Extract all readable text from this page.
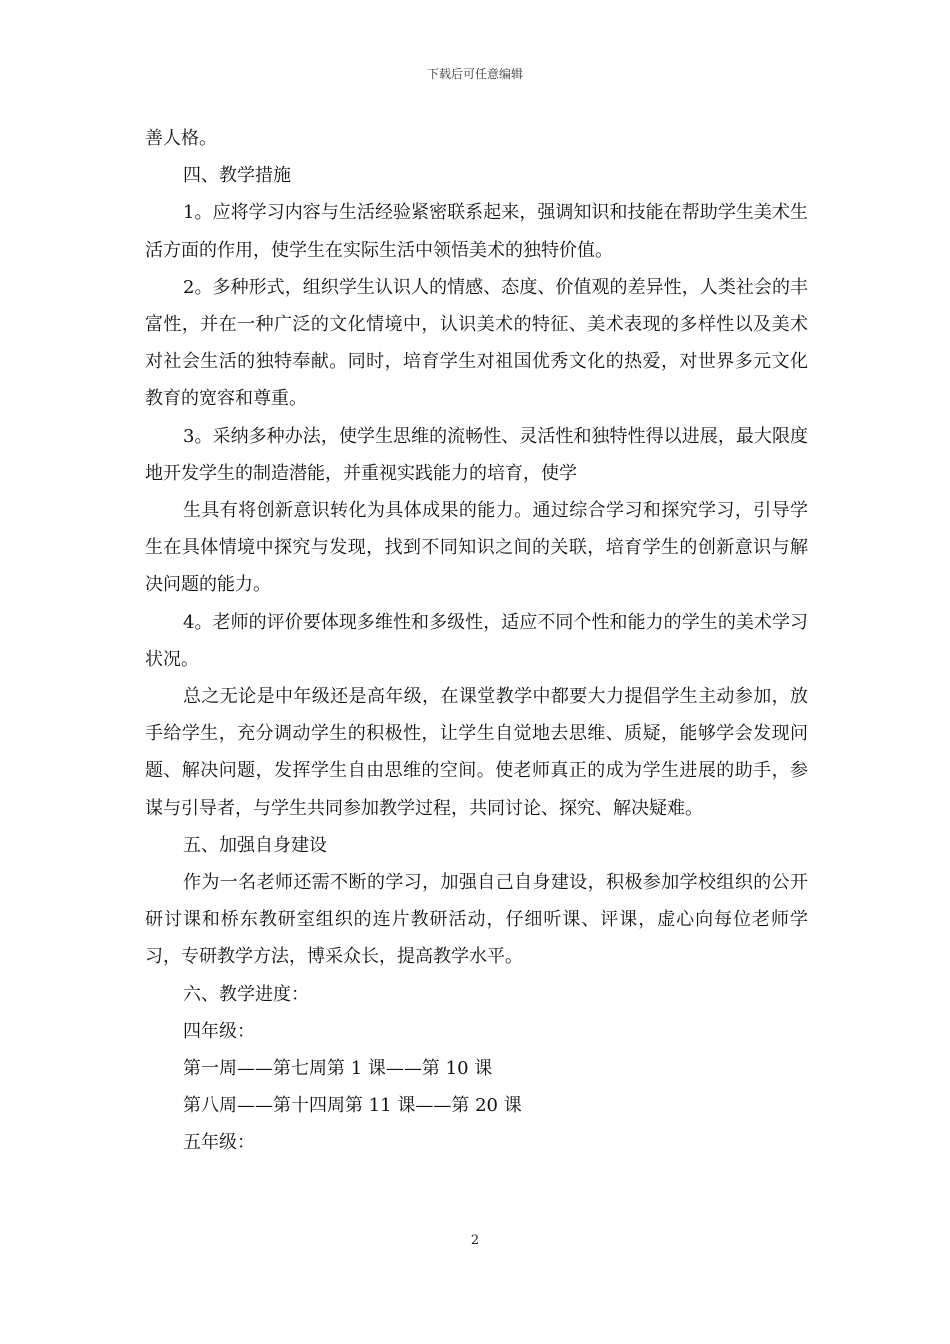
下载后可任意编辑

善人格。

四、教学措施

1。应将学习内容与生活经验紧密联系起来，强调知识和技能在帮助学生美术生活方面的作用，使学生在实际生活中领悟美术的独特价值。

2。多种形式，组织学生认识人的情感、态度、价值观的差异性，人类社会的丰富性，并在一种广泛的文化情境中，认识美术的特征、美术表现的多样性以及美术对社会生活的独特奉献。同时，培育学生对祖国优秀文化的热爱，对世界多元文化教育的宽容和尊重。

3。采纳多种办法，使学生思维的流畅性、灵活性和独特性得以进展，最大限度地开发学生的制造潜能，并重视实践能力的培育，使学

生具有将创新意识转化为具体成果的能力。通过综合学习和探究学习，引导学生在具体情境中探究与发现，找到不同知识之间的关联，培育学生的创新意识与解决问题的能力。

4。老师的评价要体现多维性和多级性，适应不同个性和能力的学生的美术学习状况。

总之无论是中年级还是高年级，在课堂教学中都要大力提倡学生主动参加，放手给学生，充分调动学生的积极性，让学生自觉地去思维、质疑，能够学会发现问题、解决问题，发挥学生自由思维的空间。使老师真正的成为学生进展的助手，参谋与引导者，与学生共同参加教学过程，共同讨论、探究、解决疑难。

五、加强自身建设

作为一名老师还需不断的学习，加强自己自身建设，积极参加学校组织的公开研讨课和桥东教研室组织的连片教研活动，仔细听课、评课，虚心向每位老师学习，专研教学方法，博采众长，提高教学水平。

六、教学进度：

四年级：

第一周——第七周第 1 课——第 10 课

第八周——第十四周第 11 课——第 20 课

五年级：

2
